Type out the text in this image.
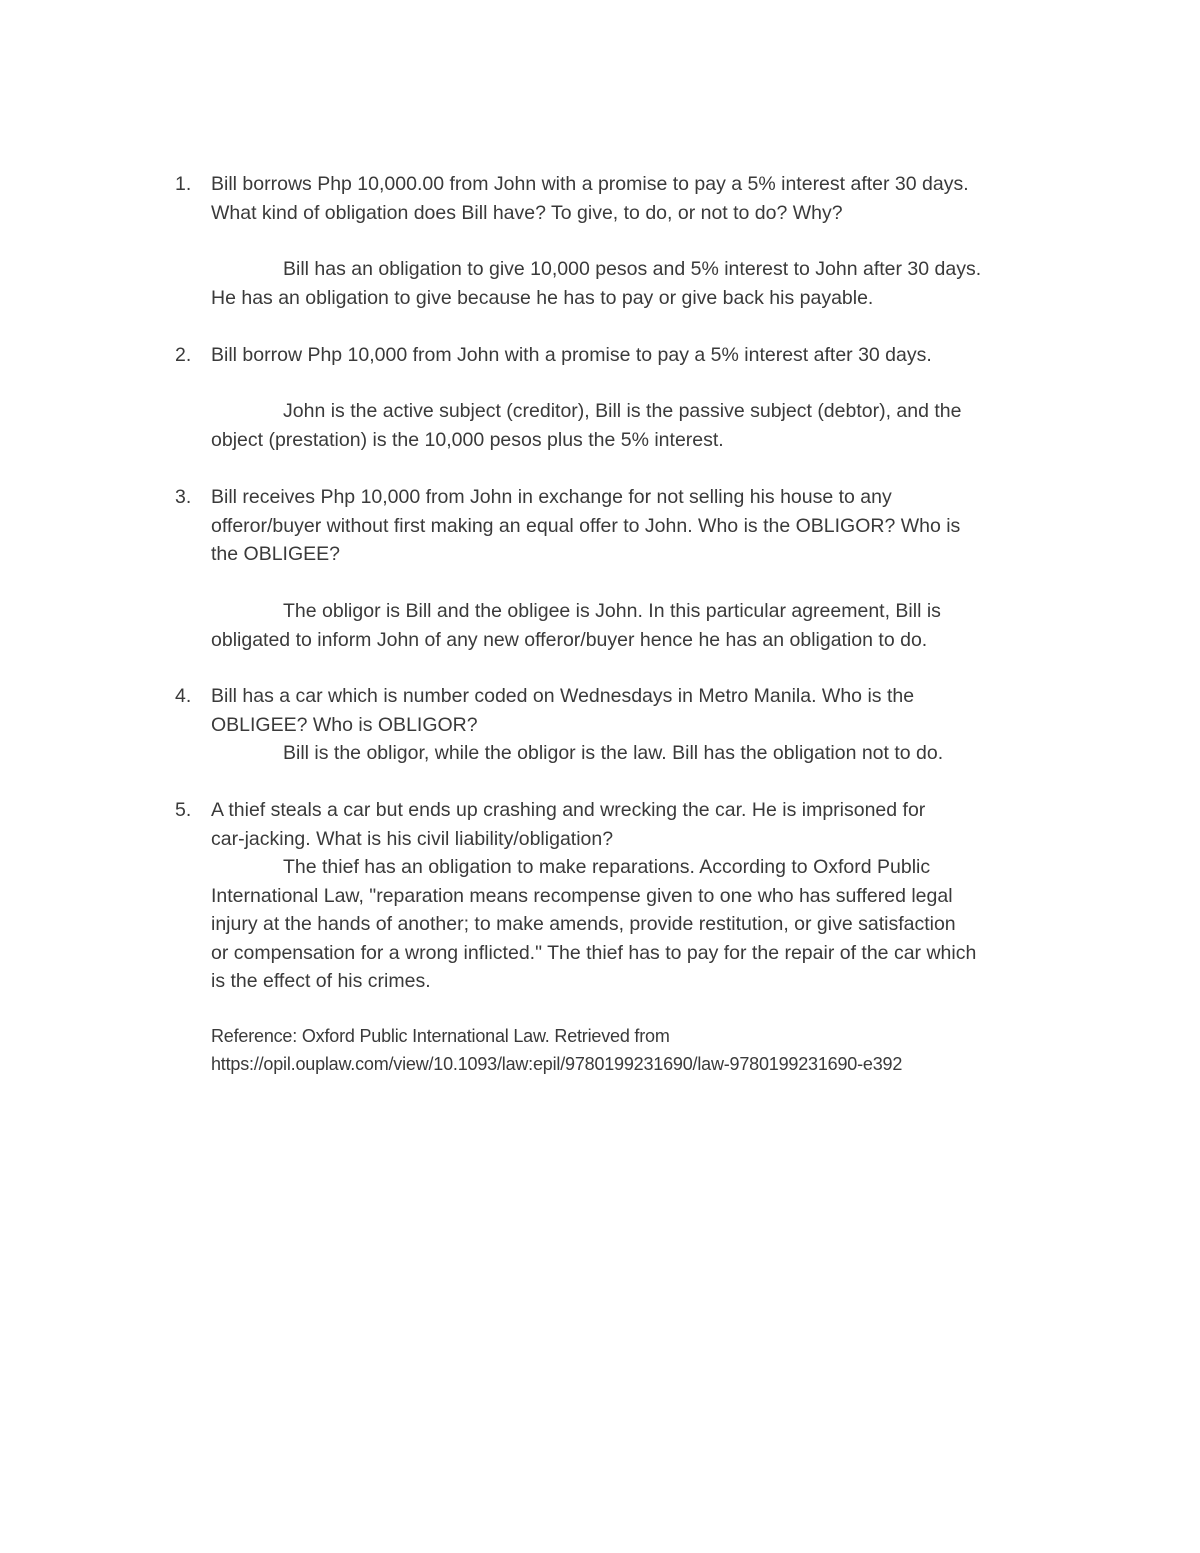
1. Bill borrows Php 10,000.00 from John with a promise to pay a 5% interest after 30 days.
What kind of obligation does Bill have? To give, to do, or not to do? Why?
Bill has an obligation to give 10,000 pesos and 5% interest to John after 30 days.
He has an obligation to give because he has to pay or give back his payable.
2. Bill borrow Php 10,000 from John with a promise to pay a 5% interest after 30 days.
John is the active subject (creditor), Bill is the passive subject (debtor), and the
object (prestation) is the 10,000 pesos plus the 5% interest.
3. Bill receives Php 10,000 from John in exchange for not selling his house to any
offeror/buyer without first making an equal offer to John. Who is the OBLIGOR? Who is
the OBLIGEE?
The obligor is Bill and the obligee is John. In this particular agreement, Bill is
obligated to inform John of any new offeror/buyer hence he has an obligation to do.
4. Bill has a car which is number coded on Wednesdays in Metro Manila. Who is the
OBLIGEE? Who is OBLIGOR?
Bill is the obligor, while the obligor is the law. Bill has the obligation not to do.
5. A thief steals a car but ends up crashing and wrecking the car. He is imprisoned for
car-jacking. What is his civil liability/obligation?
The thief has an obligation to make reparations. According to Oxford Public
International Law, "reparation means recompense given to one who has suffered legal
injury at the hands of another; to make amends, provide restitution, or give satisfaction
or compensation for a wrong inflicted." The thief has to pay for the repair of the car which
is the effect of his crimes.
Reference: Oxford Public International Law. Retrieved from
https://opil.ouplaw.com/view/10.1093/law:epil/9780199231690/law-9780199231690-e392
